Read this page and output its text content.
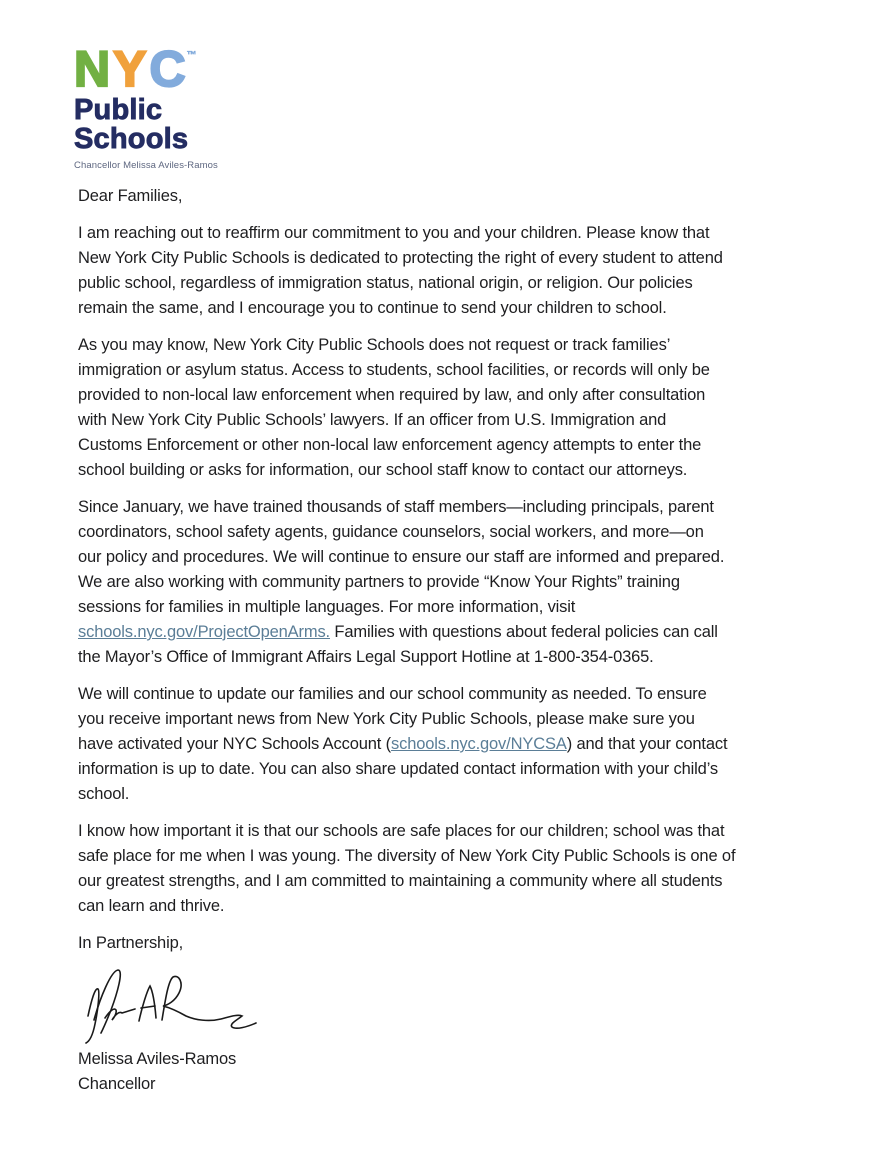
NYC™
Public
Schools
Chancellor Melissa Aviles-Ramos
Dear Families,
I am reaching out to reaffirm our commitment to you and your children. Please know that
New York City Public Schools is dedicated to protecting the right of every student to attend
public school, regardless of immigration status, national origin, or religion. Our policies
remain the same, and I encourage you to continue to send your children to school.
As you may know, New York City Public Schools does not request or track families’
immigration or asylum status. Access to students, school facilities, or records will only be
provided to non-local law enforcement when required by law, and only after consultation
with New York City Public Schools’ lawyers. If an officer from U.S. Immigration and
Customs Enforcement or other non-local law enforcement agency attempts to enter the
school building or asks for information, our school staff know to contact our attorneys.
Since January, we have trained thousands of staff members—including principals, parent
coordinators, school safety agents, guidance counselors, social workers, and more—on
our policy and procedures. We will continue to ensure our staff are informed and prepared.
We are also working with community partners to provide “Know Your Rights” training
sessions for families in multiple languages. For more information, visit
schools.nyc.gov/ProjectOpenArms. Families with questions about federal policies can call
the Mayor’s Office of Immigrant Affairs Legal Support Hotline at 1-800-354-0365.
We will continue to update our families and our school community as needed. To ensure
you receive important news from New York City Public Schools, please make sure you
have activated your NYC Schools Account (schools.nyc.gov/NYCSA) and that your contact
information is up to date. You can also share updated contact information with your child’s
school.
I know how important it is that our schools are safe places for our children; school was that
safe place for me when I was young. The diversity of New York City Public Schools is one of
our greatest strengths, and I am committed to maintaining a community where all students
can learn and thrive.
In Partnership,
Melissa Aviles-Ramos
Chancellor
